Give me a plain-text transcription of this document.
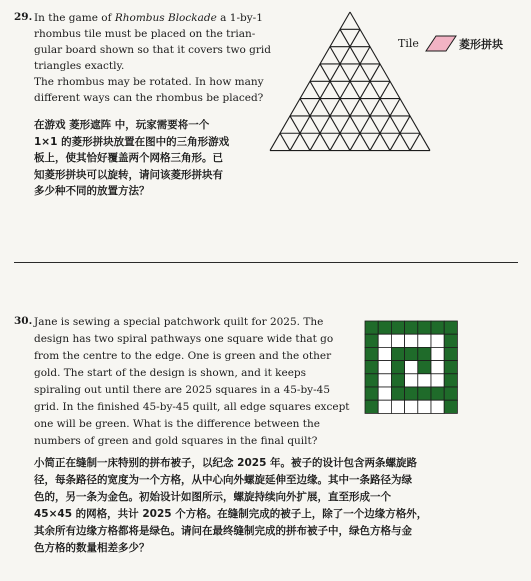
29. In the game of Rhombus Blockade a 1-by-1
rhombus tile must be placed on the trian-
gular board shown so that it covers two grid
triangles exactly.
The rhombus may be rotated. In how many
different ways can the rhombus be placed?
在游戏 菱形遮阵 中，玩家需要将一个
1×1 的菱形拼块放置在图中的三角形游戏
板上，使其恰好覆盖两个网格三角形。已
知菱形拼块可以旋转，请问该菱形拼块有
多少种不同的放置方法？
Tile	菱形拼块
30. Jane is sewing a special patchwork quilt for 2025. The
design has two spiral pathways one square wide that go
from the centre to the edge. One is green and the other
gold. The start of the design is shown, and it keeps
spiraling out until there are 2025 squares in a 45-by-45
grid. In the finished 45-by-45 quilt, all edge squares except
one will be green. What is the difference between the
numbers of green and gold squares in the final quilt?
小简正在缝制一床特别的拼布被子，以纪念 2025 年。被子的设计包含两条螺旋路
径，每条路径的宽度为一个方格，从中心向外螺旋延伸至边缘。其中一条路径为绿
色的，另一条为金色。初始设计如图所示，螺旋持续向外扩展，直至形成一个
45×45 的网格，共计 2025 个方格。在缝制完成的被子上，除了一个边缘方格外，
其余所有边缘方格都将是绿色。请问在最终缝制完成的拼布被子中，绿色方格与金
色方格的数量相差多少？
